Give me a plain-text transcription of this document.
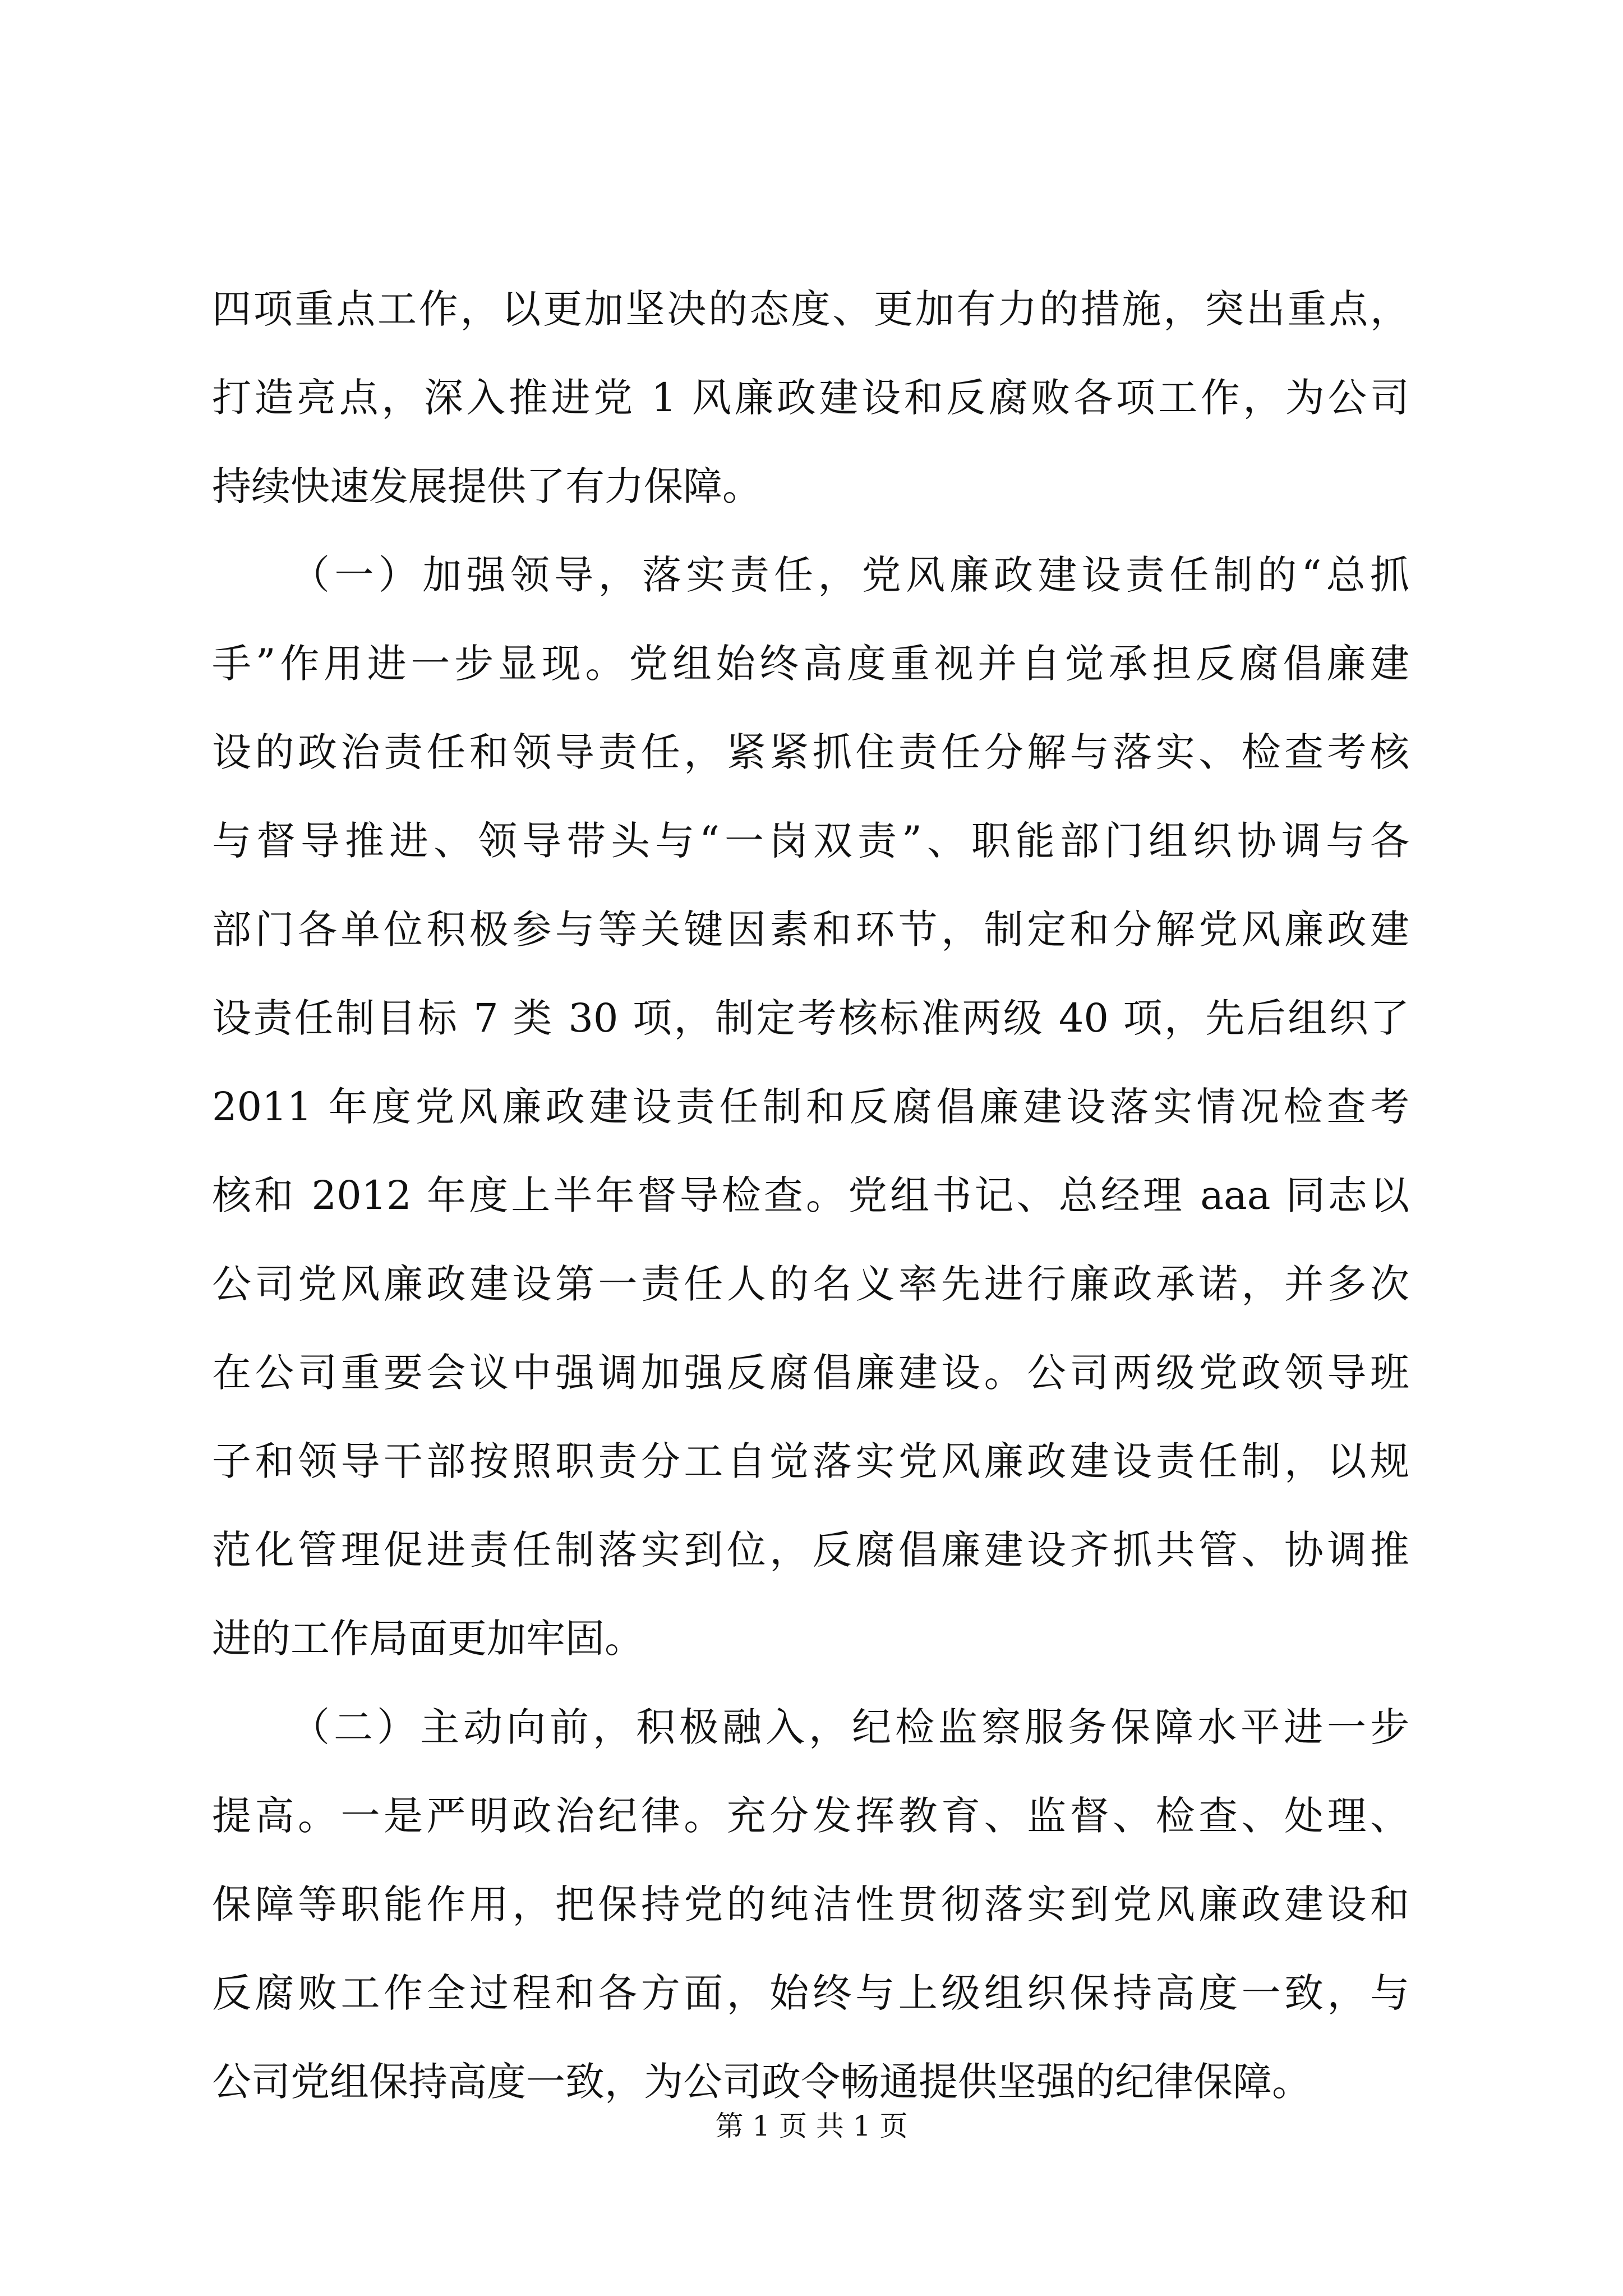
四项重点工作，以更加坚决的态度、更加有力的措施，突出重点，
打造亮点，深入推进党 1 风廉政建设和反腐败各项工作，为公司
持续快速发展提供了有力保障。
（一）加强领导，落实责任，党风廉政建设责任制的“总抓
手”作用进一步显现。党组始终高度重视并自觉承担反腐倡廉建
设的政治责任和领导责任，紧紧抓住责任分解与落实、检查考核
与督导推进、领导带头与“一岗双责”、职能部门组织协调与各
部门各单位积极参与等关键因素和环节，制定和分解党风廉政建
设责任制目标 7 类 30 项，制定考核标准两级 40 项，先后组织了
2011 年度党风廉政建设责任制和反腐倡廉建设落实情况检查考
核和 2012 年度上半年督导检查。党组书记、总经理 aaa 同志以
公司党风廉政建设第一责任人的名义率先进行廉政承诺，并多次
在公司重要会议中强调加强反腐倡廉建设。公司两级党政领导班
子和领导干部按照职责分工自觉落实党风廉政建设责任制，以规
范化管理促进责任制落实到位，反腐倡廉建设齐抓共管、协调推
进的工作局面更加牢固。
（二）主动向前，积极融入，纪检监察服务保障水平进一步
提高。一是严明政治纪律。充分发挥教育、监督、检查、处理、
保障等职能作用，把保持党的纯洁性贯彻落实到党风廉政建设和
反腐败工作全过程和各方面，始终与上级组织保持高度一致，与
公司党组保持高度一致，为公司政令畅通提供坚强的纪律保障。
第 1 页 共 1 页
